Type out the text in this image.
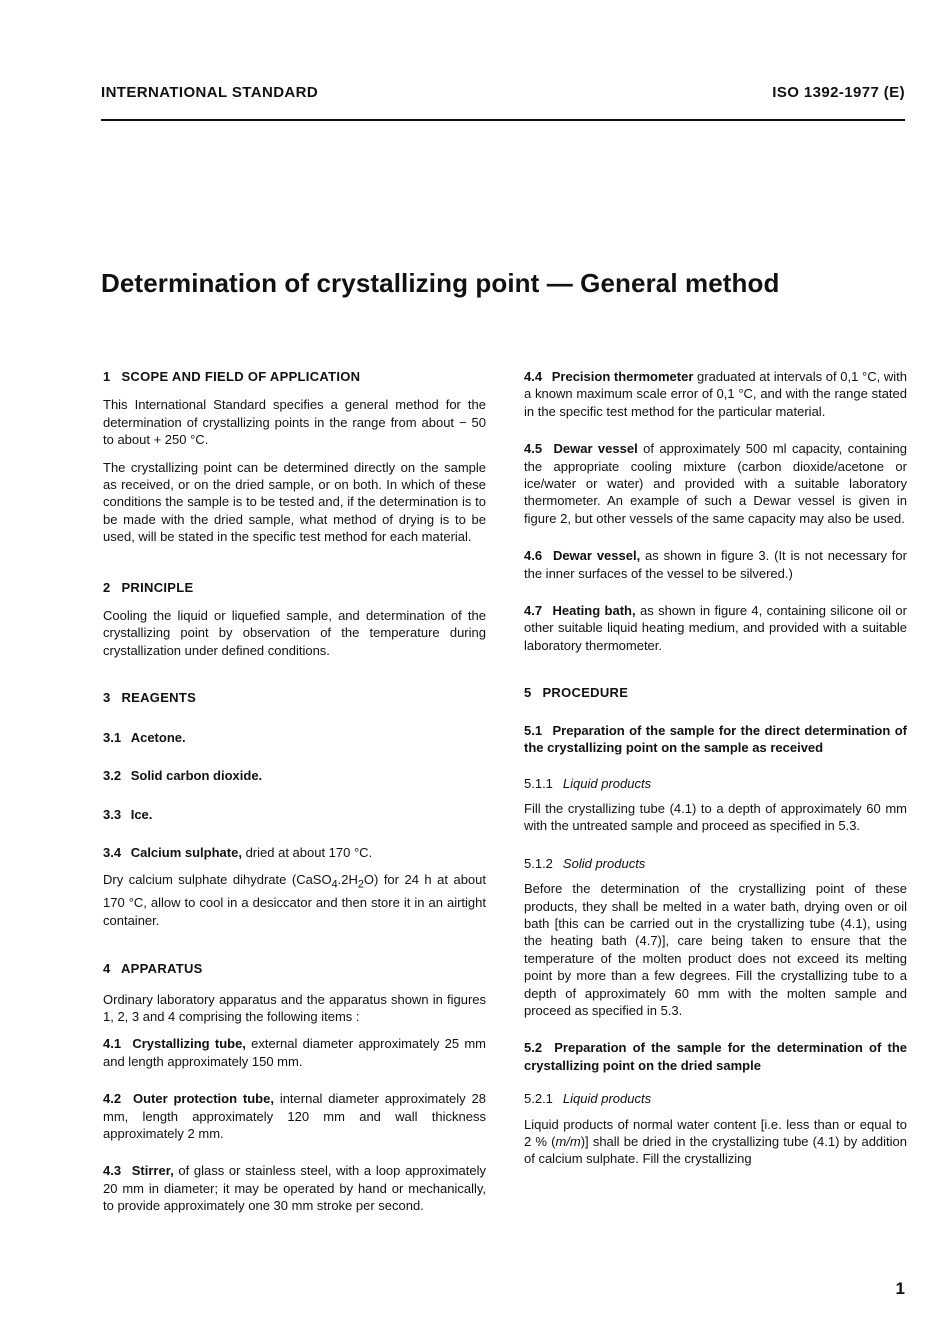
INTERNATIONAL STANDARD	ISO 1392-1977 (E)
Determination of crystallizing point — General method
1 SCOPE AND FIELD OF APPLICATION

This International Standard specifies a general method for the determination of crystallizing points in the range from about − 50 to about + 250 °C.

The crystallizing point can be determined directly on the sample as received, or on the dried sample, or on both. In which of these conditions the sample is to be tested and, if the determination is to be made with the dried sample, what method of drying is to be used, will be stated in the specific test method for each material.

2 PRINCIPLE

Cooling the liquid or liquefied sample, and determination of the crystallizing point by observation of the temperature during crystallization under defined conditions.

3 REAGENTS

3.1 Acetone.

3.2 Solid carbon dioxide.

3.3 Ice.

3.4 Calcium sulphate, dried at about 170 °C.

Dry calcium sulphate dihydrate $(CaSO_4.2H_2O)$ for 24 h at about 170 °C, allow to cool in a desiccator and then store it in an airtight container.

4 APPARATUS

Ordinary laboratory apparatus and the apparatus shown in figures 1, 2, 3 and 4 comprising the following items :

4.1 Crystallizing tube, external diameter approximately 25 mm and length approximately 150 mm.

4.2 Outer protection tube, internal diameter approximately 28 mm, length approximately 120 mm and wall thickness approximately 2 mm.

4.3 Stirrer, of glass or stainless steel, with a loop approximately 20 mm in diameter; it may be operated by hand or mechanically, to provide approximately one 30 mm stroke per second.

4.4 Precision thermometer graduated at intervals of 0,1 °C, with a known maximum scale error of 0,1 °C, and with the range stated in the specific test method for the particular material.

4.5 Dewar vessel of approximately 500 ml capacity, containing the appropriate cooling mixture (carbon dioxide/acetone or ice/water or water) and provided with a suitable laboratory thermometer. An example of such a Dewar vessel is given in figure 2, but other vessels of the same capacity may also be used.

4.6 Dewar vessel, as shown in figure 3. (It is not necessary for the inner surfaces of the vessel to be silvered.)

4.7 Heating bath, as shown in figure 4, containing silicone oil or other suitable liquid heating medium, and provided with a suitable laboratory thermometer.

5 PROCEDURE
5.1 Preparation of the sample for the direct determination of the crystallizing point on the sample as received

5.1.1 Liquid products

Fill the crystallizing tube (4.1) to a depth of approximately 60 mm with the untreated sample and proceed as specified in 5.3.

5.1.2 Solid products

Before the determination of the crystallizing point of these products, they shall be melted in a water bath, drying oven or oil bath [this can be carried out in the crystallizing tube (4.1), using the heating bath (4.7)], care being taken to ensure that the temperature of the molten product does not exceed its melting point by more than a few degrees. Fill the crystallizing tube to a depth of approximately 60 mm with the molten sample and proceed as specified in 5.3.

5.2 Preparation of the sample for the determination of the crystallizing point on the dried sample

5.2.1 Liquid products

Liquid products of normal water content [i.e. less than or equal to 2 % (m/m)] shall be dried in the crystallizing tube (4.1) by addition of calcium sulphate. Fill the crystallizing

1
